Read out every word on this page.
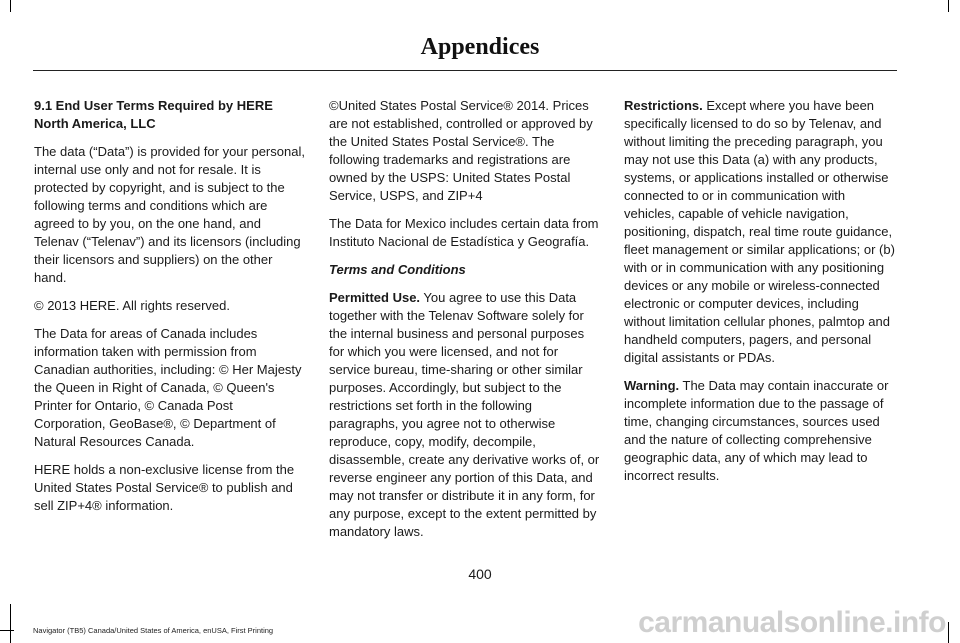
Appendices

9.1 End User Terms Required by HERE North America, LLC

The data (“Data”) is provided for your personal, internal use only and not for resale. It is protected by copyright, and is subject to the following terms and conditions which are agreed to by you, on the one hand, and Telenav (“Telenav”) and its licensors (including their licensors and suppliers) on the other hand.

© 2013 HERE. All rights reserved.

The Data for areas of Canada includes information taken with permission from Canadian authorities, including: © Her Majesty the Queen in Right of Canada, © Queen's Printer for Ontario, © Canada Post Corporation, GeoBase®, © Department of Natural Resources Canada.

HERE holds a non-exclusive license from the United States Postal Service® to publish and sell ZIP+4® information.

©United States Postal Service® 2014. Prices are not established, controlled or approved by the United States Postal Service®. The following trademarks and registrations are owned by the USPS: United States Postal Service, USPS, and ZIP+4

The Data for Mexico includes certain data from Instituto Nacional de Estadística y Geografía.

Terms and Conditions

Permitted Use. You agree to use this Data together with the Telenav Software solely for the internal business and personal purposes for which you were licensed, and not for service bureau, time-sharing or other similar purposes. Accordingly, but subject to the restrictions set forth in the following paragraphs, you agree not to otherwise reproduce, copy, modify, decompile, disassemble, create any derivative works of, or reverse engineer any portion of this Data, and may not transfer or distribute it in any form, for any purpose, except to the extent permitted by mandatory laws.

Restrictions. Except where you have been specifically licensed to do so by Telenav, and without limiting the preceding paragraph, you may not use this Data (a) with any products, systems, or applications installed or otherwise connected to or in communication with vehicles, capable of vehicle navigation, positioning, dispatch, real time route guidance, fleet management or similar applications; or (b) with or in communication with any positioning devices or any mobile or wireless-connected electronic or computer devices, including without limitation cellular phones, palmtop and handheld computers, pagers, and personal digital assistants or PDAs.

Warning. The Data may contain inaccurate or incomplete information due to the passage of time, changing circumstances, sources used and the nature of collecting comprehensive geographic data, any of which may lead to incorrect results.

400
Navigator (TB5) Canada/United States of America, enUSA, First Printing	carmanualsonline.info
